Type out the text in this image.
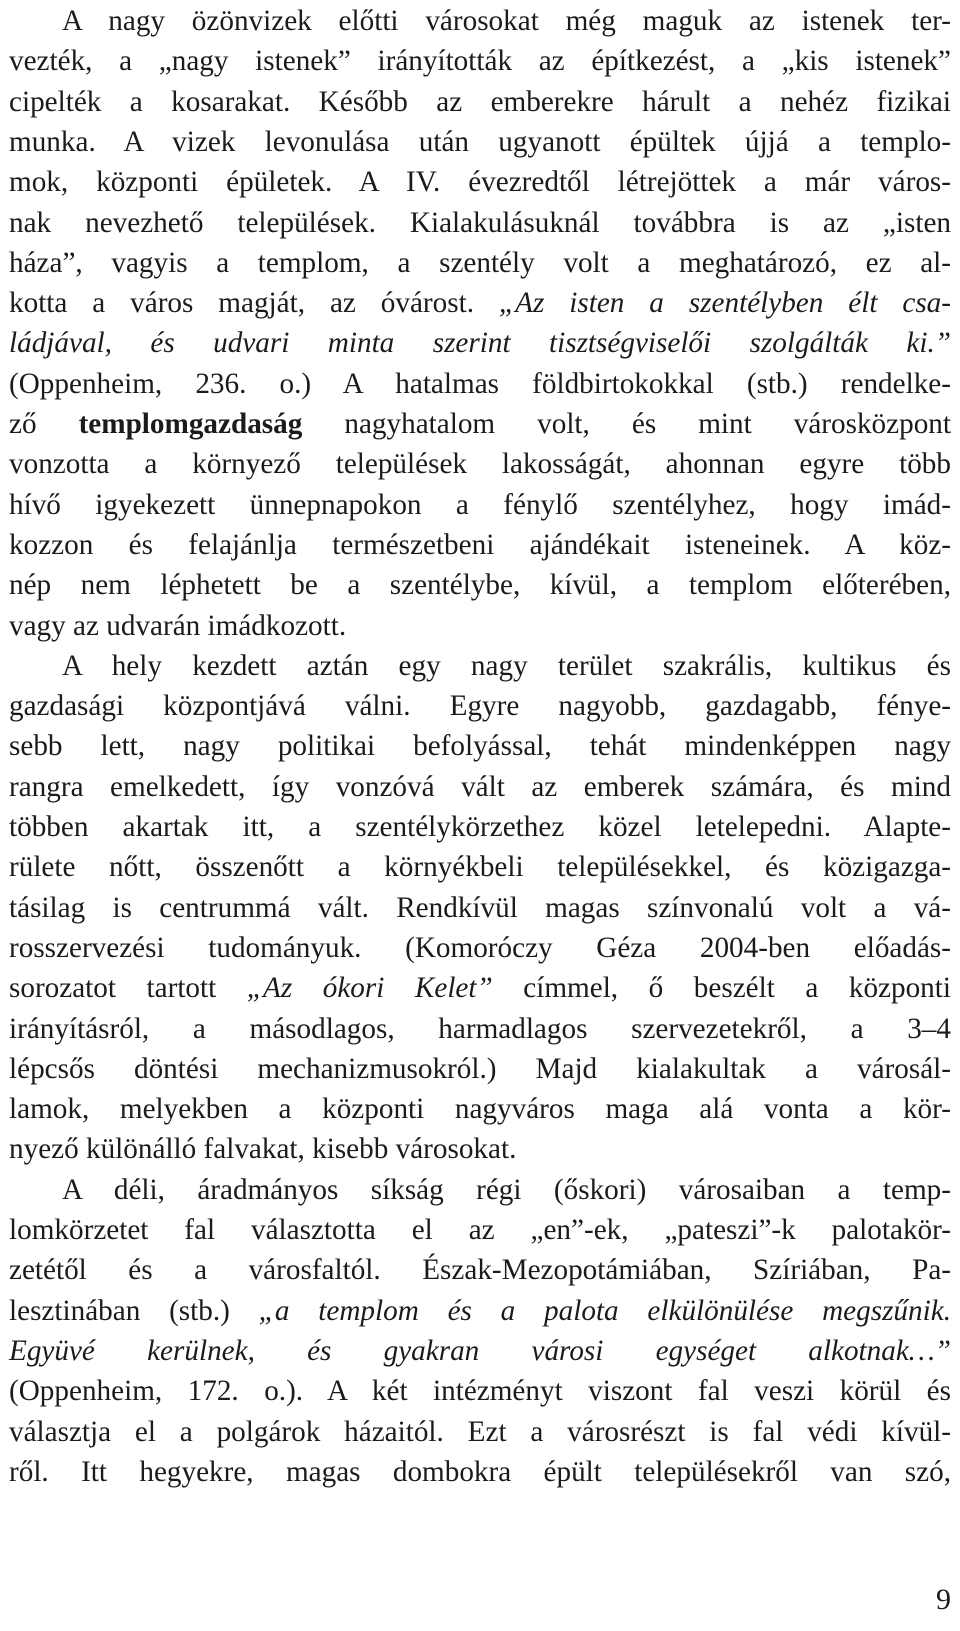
A nagy özönvizek előtti városokat még maguk az istenek ter-
vezték, a „nagy istenek” irányították az építkezést, a „kis istenek”
cipelték a kosarakat. Később az emberekre hárult a nehéz fizikai
munka. A vizek levonulása után ugyanott épültek újjá a templo-
mok, központi épületek. A IV. évezredtől létrejöttek a már város-
nak nevezhető települések. Kialakulásuknál továbbra is az „isten
háza”, vagyis a templom, a szentély volt a meghatározó, ez al-
kotta a város magját, az óvárost. „Az isten a szentélyben élt csa-
ládjával, és udvari minta szerint tisztségviselői szolgálták ki.”
(Oppenheim, 236. o.) A hatalmas földbirtokokkal (stb.) rendelke-
ző templomgazdaság nagyhatalom volt, és mint városközpont
vonzotta a környező települések lakosságát, ahonnan egyre több
hívő igyekezett ünnepnapokon a fénylő szentélyhez, hogy imád-
kozzon és felajánlja természetbeni ajándékait isteneinek. A köz-
nép nem léphetett be a szentélybe, kívül, a templom előterében,
vagy az udvarán imádkozott.
A hely kezdett aztán egy nagy terület szakrális, kultikus és
gazdasági központjává válni. Egyre nagyobb, gazdagabb, fénye-
sebb lett, nagy politikai befolyással, tehát mindenképpen nagy
rangra emelkedett, így vonzóvá vált az emberek számára, és mind
többen akartak itt, a szentélykörzethez közel letelepedni. Alapte-
rülete nőtt, összenőtt a környékbeli településekkel, és közigazga-
tásilag is centrummá vált. Rendkívül magas színvonalú volt a vá-
rosszervezési tudományuk. (Komoróczy Géza 2004-ben előadás-
sorozatot tartott „Az ókori Kelet” címmel, ő beszélt a központi
irányításról, a másodlagos, harmadlagos szervezetekről, a 3–4
lépcsős döntési mechanizmusokról.) Majd kialakultak a városál-
lamok, melyekben a központi nagyváros maga alá vonta a kör-
nyező különálló falvakat, kisebb városokat.
A déli, áradmányos síkság régi (őskori) városaiban a temp-
lomkörzetet fal választotta el az „en”-ek, „pateszi”-k palotakör-
zetétől és a városfaltól. Észak-Mezopotámiában, Szíriában, Pa-
lesztinában (stb.) „a templom és a palota elkülönülése megszűnik.
Együvé kerülnek, és gyakran városi egységet alkotnak…”
(Oppenheim, 172. o.). A két intézményt viszont fal veszi körül és
választja el a polgárok házaitól. Ezt a városrészt is fal védi kívül-
ről. Itt hegyekre, magas dombokra épült településekről van szó,
9
